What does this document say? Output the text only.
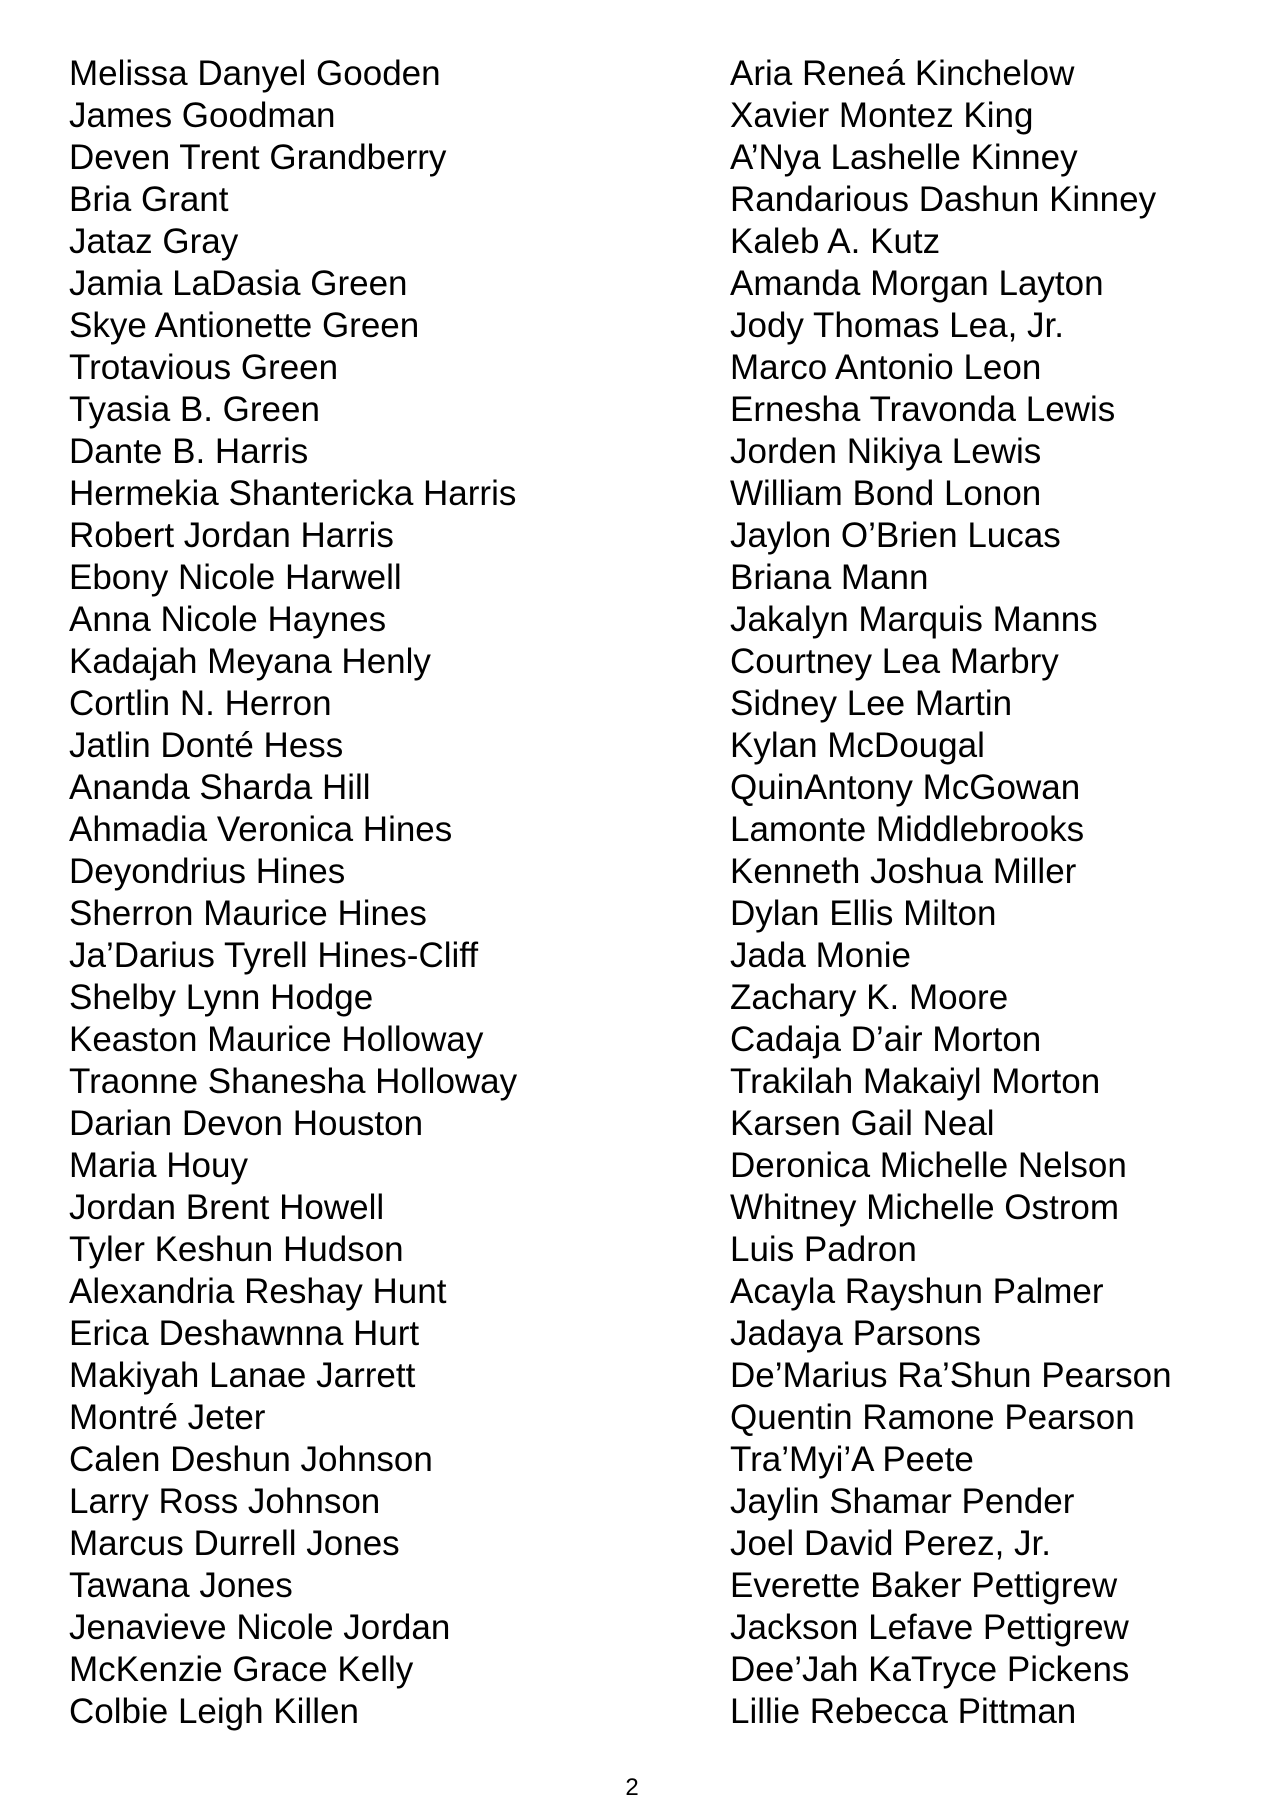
Melissa Danyel Gooden
James Goodman
Deven Trent Grandberry
Bria Grant
Jataz Gray
Jamia LaDasia Green
Skye Antionette Green
Trotavious Green
Tyasia B. Green
Dante B. Harris
Hermekia Shantericka Harris
Robert Jordan Harris
Ebony Nicole Harwell
Anna Nicole Haynes
Kadajah Meyana Henly
Cortlin N. Herron
Jatlin Donté Hess
Ananda Sharda Hill
Ahmadia Veronica Hines
Deyondrius Hines
Sherron Maurice Hines
Ja’Darius Tyrell Hines-Cliff
Shelby Lynn Hodge
Keaston Maurice Holloway
Traonne Shanesha Holloway
Darian Devon Houston
Maria Houy
Jordan Brent Howell
Tyler Keshun Hudson
Alexandria Reshay Hunt
Erica Deshawnna Hurt
Makiyah Lanae Jarrett
Montré Jeter
Calen Deshun Johnson
Larry Ross Johnson
Marcus Durrell Jones
Tawana Jones
Jenavieve Nicole Jordan
McKenzie Grace Kelly
Colbie Leigh Killen
Aria Reneá Kinchelow
Xavier Montez King
A’Nya Lashelle Kinney
Randarious Dashun Kinney
Kaleb A. Kutz
Amanda Morgan Layton
Jody Thomas Lea, Jr.
Marco Antonio Leon
Ernesha Travonda Lewis
Jorden Nikiya Lewis
William Bond Lonon
Jaylon O’Brien Lucas
Briana Mann
Jakalyn Marquis Manns
Courtney Lea Marbry
Sidney Lee Martin
Kylan McDougal
QuinAntony McGowan
Lamonte Middlebrooks
Kenneth Joshua Miller
Dylan Ellis Milton
Jada Monie
Zachary K. Moore
Cadaja D’air Morton
Trakilah Makaiyl Morton
Karsen Gail Neal
Deronica Michelle Nelson
Whitney Michelle Ostrom
Luis Padron
Acayla Rayshun Palmer
Jadaya Parsons
De’Marius Ra’Shun Pearson
Quentin Ramone Pearson
Tra’Myi’A Peete
Jaylin Shamar Pender
Joel David Perez, Jr.
Everette Baker Pettigrew
Jackson Lefave Pettigrew
Dee’Jah KaTryce Pickens
Lillie Rebecca Pittman
2
